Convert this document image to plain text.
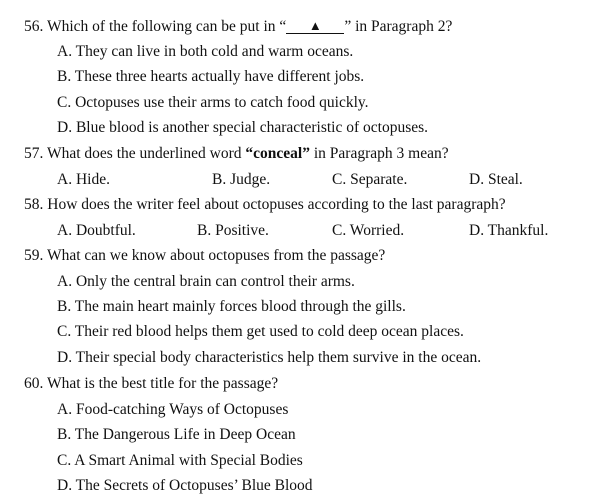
56. Which of the following can be put in “ ▲ ” in Paragraph 2?
A. They can live in both cold and warm oceans.
B. These three hearts actually have different jobs.
C. Octopuses use their arms to catch food quickly.
D. Blue blood is another special characteristic of octopuses.
57. What does the underlined word “conceal” in Paragraph 3 mean?
A. Hide.	B. Judge.	C. Separate.	D. Steal.
58. How does the writer feel about octopuses according to the last paragraph?
A. Doubtful.	B. Positive.	C. Worried.	D. Thankful.
59. What can we know about octopuses from the passage?
A. Only the central brain can control their arms.
B. The main heart mainly forces blood through the gills.
C. Their red blood helps them get used to cold deep ocean places.
D. Their special body characteristics help them survive in the ocean.
60. What is the best title for the passage?
A. Food-catching Ways of Octopuses
B. The Dangerous Life in Deep Ocean
C. A Smart Animal with Special Bodies
D. The Secrets of Octopuses’ Blue Blood
